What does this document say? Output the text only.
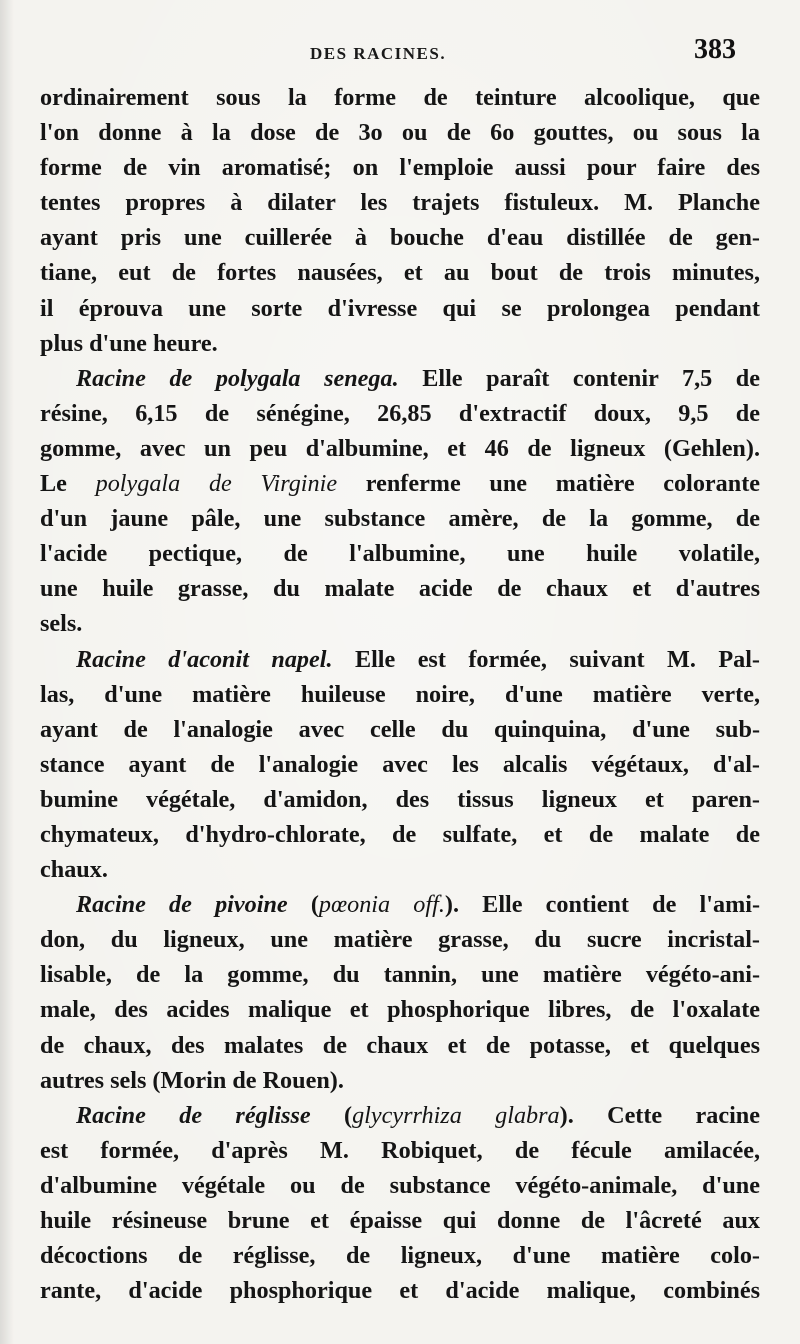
DES RACINES.	383
ordinairement sous la forme de teinture alcoolique, que
l'on donne à la dose de 3o ou de 6o gouttes, ou sous la
forme de vin aromatisé; on l'emploie aussi pour faire des
tentes propres à dilater les trajets fistuleux. M. Planche
ayant pris une cuillerée à bouche d'eau distillée de gen-
tiane, eut de fortes nausées, et au bout de trois minutes,
il éprouva une sorte d'ivresse qui se prolongea pendant
plus d'une heure.
Racine de polygala senega. Elle paraît contenir 7,5 de
résine, 6,15 de sénégine, 26,85 d'extractif doux, 9,5 de
gomme, avec un peu d'albumine, et 46 de ligneux (Gehlen).
Le polygala de Virginie renferme une matière colorante
d'un jaune pâle, une substance amère, de la gomme, de
l'acide pectique, de l'albumine, une huile volatile,
une huile grasse, du malate acide de chaux et d'autres
sels.
Racine d'aconit napel. Elle est formée, suivant M. Pal-
las, d'une matière huileuse noire, d'une matière verte,
ayant de l'analogie avec celle du quinquina, d'une sub-
stance ayant de l'analogie avec les alcalis végétaux, d'al-
bumine végétale, d'amidon, des tissus ligneux et paren-
chymateux, d'hydro-chlorate, de sulfate, et de malate de
chaux.
Racine de pivoine (pœonia off.). Elle contient de l'ami-
don, du ligneux, une matière grasse, du sucre incristal-
lisable, de la gomme, du tannin, une matière végéto-ani-
male, des acides malique et phosphorique libres, de l'oxalate
de chaux, des malates de chaux et de potasse, et quelques
autres sels (Morin de Rouen).
Racine de réglisse (glycyrrhiza glabra). Cette racine
est formée, d'après M. Robiquet, de fécule amilacée,
d'albumine végétale ou de substance végéto-animale, d'une
huile résineuse brune et épaisse qui donne de l'âcreté aux
décoctions de réglisse, de ligneux, d'une matière colo-
rante, d'acide phosphorique et d'acide malique, combinés
